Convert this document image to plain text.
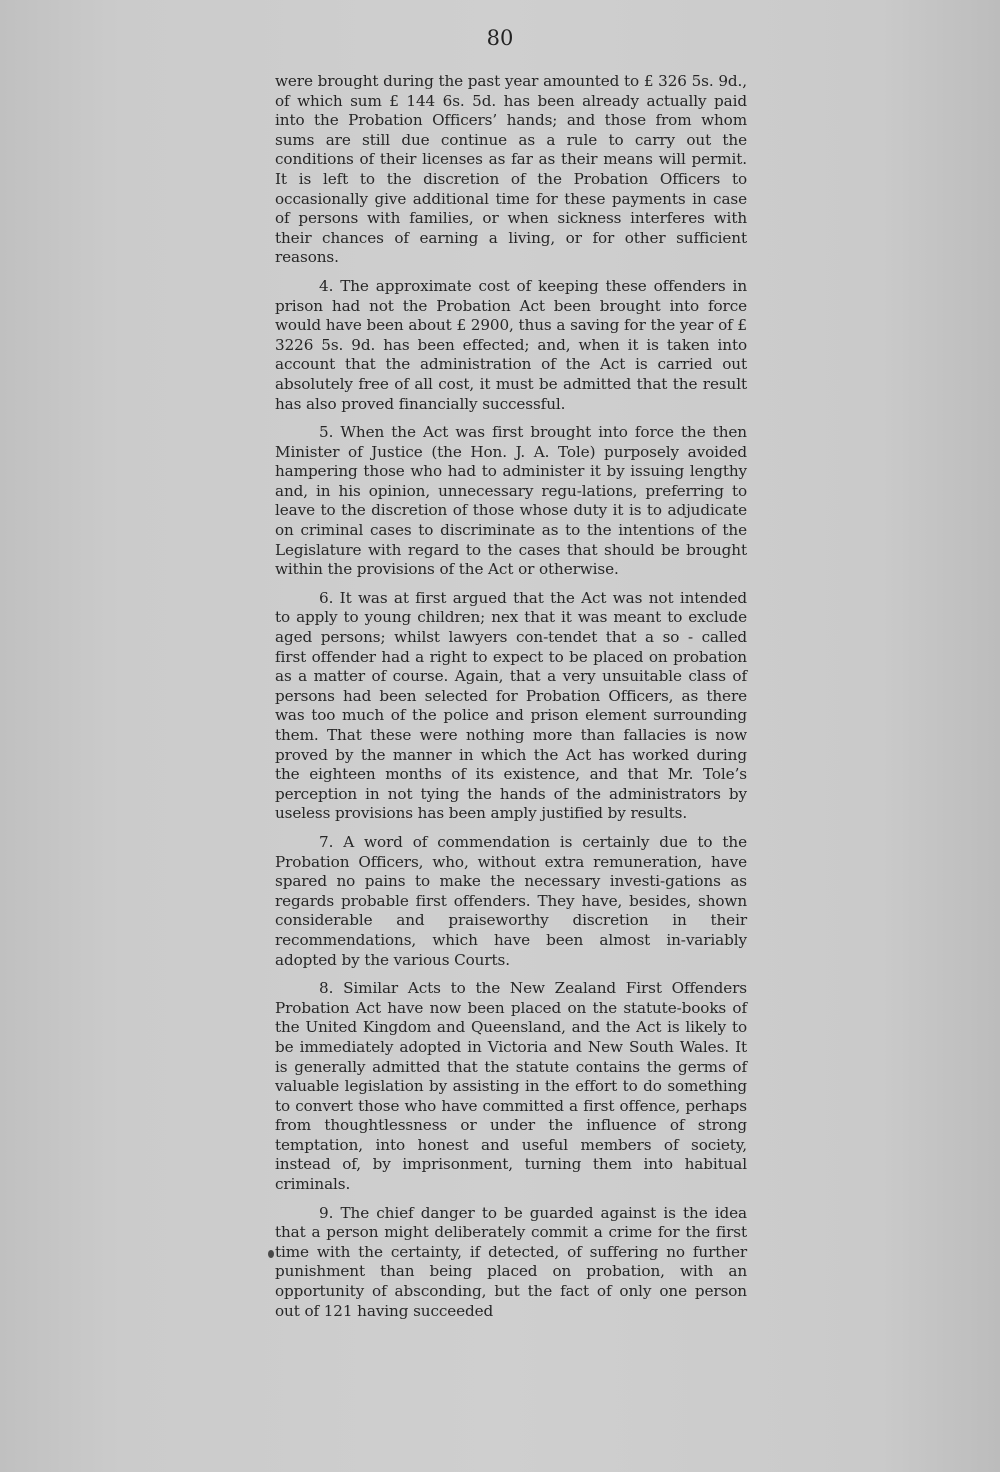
80

were brought during the past year amounted to £ 326 5s. 9d., of which sum £ 144 6s. 5d. has been already actually paid into the Probation Officers’ hands; and those from whom sums are still due continue as a rule to carry out the conditions of their licenses as far as their means will permit. It is left to the discretion of the Probation Officers to occasionally give additional time for these payments in case of persons with families, or when sickness interferes with their chances of earning a living, or for other sufficient reasons.

4. The approximate cost of keeping these offenders in prison had not the Probation Act been brought into force would have been about £ 2900, thus a saving for the year of £ 3226 5s. 9d. has been effected; and, when it is taken into account that the administration of the Act is carried out absolutely free of all cost, it must be admitted that the result has also proved financially successful.

5. When the Act was first brought into force the then Minister of Justice (the Hon. J. A. Tole) purposely avoided hampering those who had to administer it by issuing lengthy and, in his opinion, unnecessary regu-lations, preferring to leave to the discretion of those whose duty it is to adjudicate on criminal cases to discriminate as to the intentions of the Legislature with regard to the cases that should be brought within the provisions of the Act or otherwise.

6. It was at first argued that the Act was not intended to apply to young children; nex that it was meant to exclude aged persons; whilst lawyers con-tendet that a so - called first offender had a right to expect to be placed on probation as a matter of course. Again, that a very unsuitable class of persons had been selected for Probation Officers, as there was too much of the police and prison element surrounding them. That these were nothing more than fallacies is now proved by the manner in which the Act has worked during the eighteen months of its existence, and that Mr. Tole’s perception in not tying the hands of the administrators by useless provisions has been amply justified by results.

7. A word of commendation is certainly due to the Probation Officers, who, without extra remuneration, have spared no pains to make the necessary investi-gations as regards probable first offenders. They have, besides, shown considerable and praiseworthy discretion in their recommendations, which have been almost in-variably adopted by the various Courts.

8. Similar Acts to the New Zealand First Offenders Probation Act have now been placed on the statute-books of the United Kingdom and Queensland, and the Act is likely to be immediately adopted in Victoria and New South Wales. It is generally admitted that the statute contains the germs of valuable legislation by assisting in the effort to do something to convert those who have committed a first offence, perhaps from thoughtlessness or under the influence of strong temptation, into honest and useful members of society, instead of, by imprisonment, turning them into habitual criminals.

9. The chief danger to be guarded against is the idea that a person might deliberately commit a crime for the first time with the certainty, if detected, of suffering no further punishment than being placed on probation, with an opportunity of absconding, but the fact of only one person out of 121 having succeeded
